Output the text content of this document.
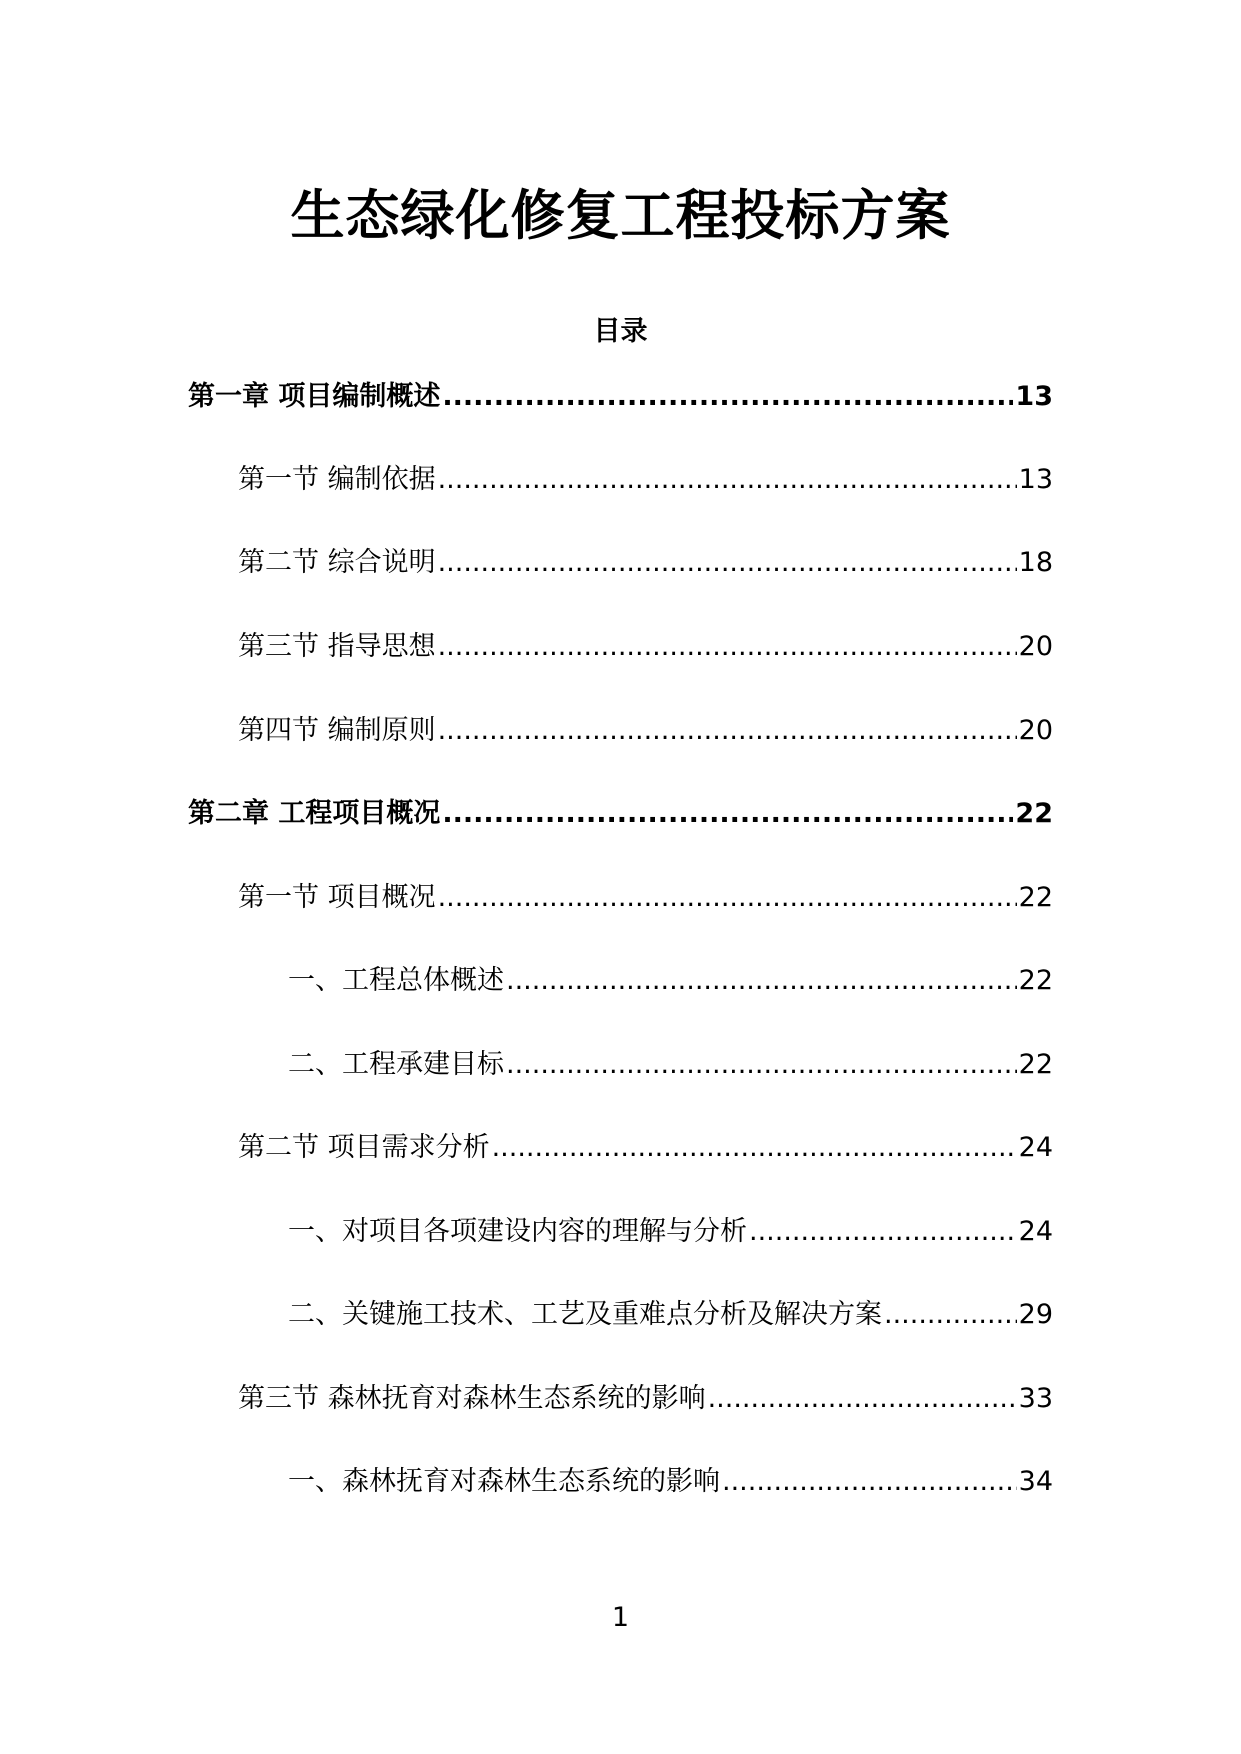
生态绿化修复工程投标方案
目录
第一章 项目编制概述 .....	13
第一节 编制依据 .....	13
第二节 综合说明 .....	18
第三节 指导思想 .....	20
第四节 编制原则 .....	20
第二章 工程项目概况 .....	22
第一节 项目概况 .....	22
一、工程总体概述 .....	22
二、工程承建目标 .....	22
第二节 项目需求分析 .....	24
一、对项目各项建设内容的理解与分析 .....	24
二、关键施工技术、工艺及重难点分析及解决方案 .....	29
第三节 森林抚育对森林生态系统的影响 .....	33
一、森林抚育对森林生态系统的影响 .....	34
1
